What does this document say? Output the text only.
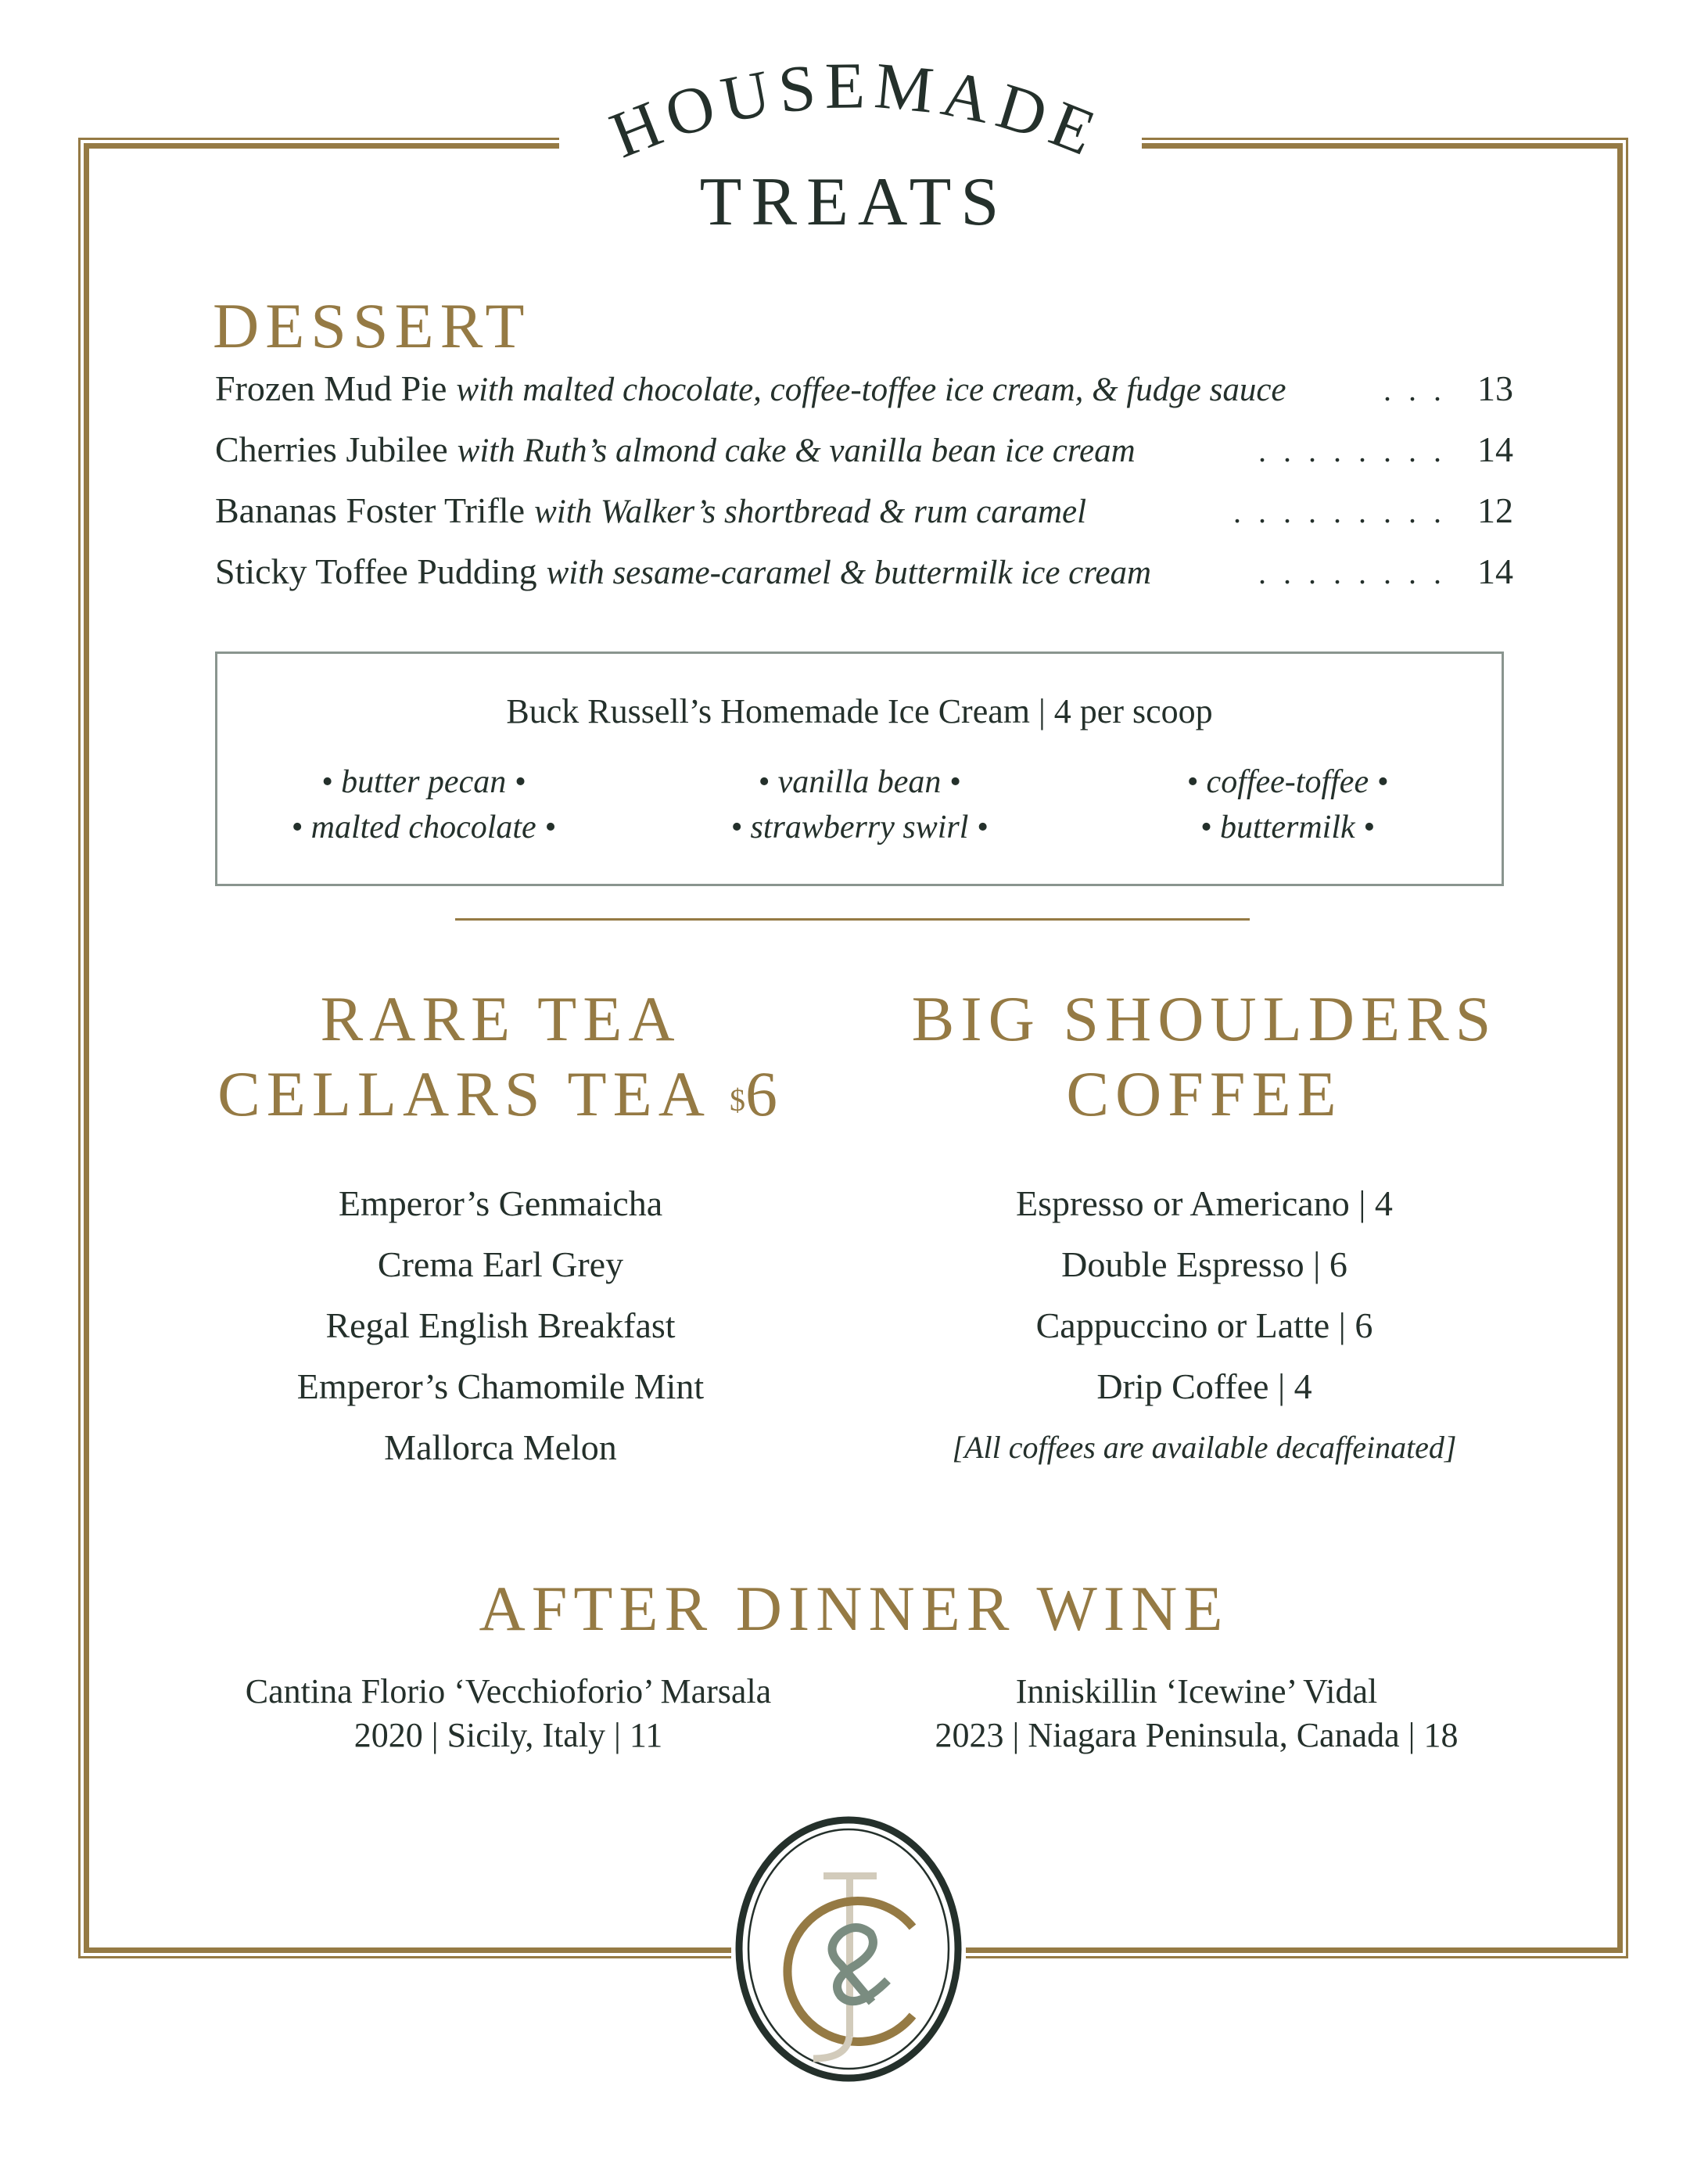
HOUSEMADE
TREATS
DESSERT
Frozen Mud Pie with malted chocolate, coffee-toffee ice cream, & fudge sauce	... 13
Cherries Jubilee with Ruth’s almond cake & vanilla bean ice cream	........ 14
Bananas Foster Trifle with Walker’s shortbread & rum caramel	......... 12
Sticky Toffee Pudding with sesame-caramel & buttermilk ice cream	........ 14
Buck Russell’s Homemade Ice Cream | 4 per scoop
• butter pecan •	• vanilla bean •	• coffee-toffee •
• malted chocolate •	• strawberry swirl •	• buttermilk •
RARE TEA
CELLARS TEA $6
Emperor’s Genmaicha
Crema Earl Grey
Regal English Breakfast
Emperor’s Chamomile Mint
Mallorca Melon
BIG SHOULDERS
COFFEE
Espresso or Americano | 4
Double Espresso | 6
Cappuccino or Latte | 6
Drip Coffee | 4
[All coffees are available decaffeinated]
AFTER DINNER WINE
Cantina Florio ‘Vecchioforio’ Marsala
2020 | Sicily, Italy | 11
Inniskillin ‘Icewine’ Vidal
2023 | Niagara Peninsula, Canada | 18
